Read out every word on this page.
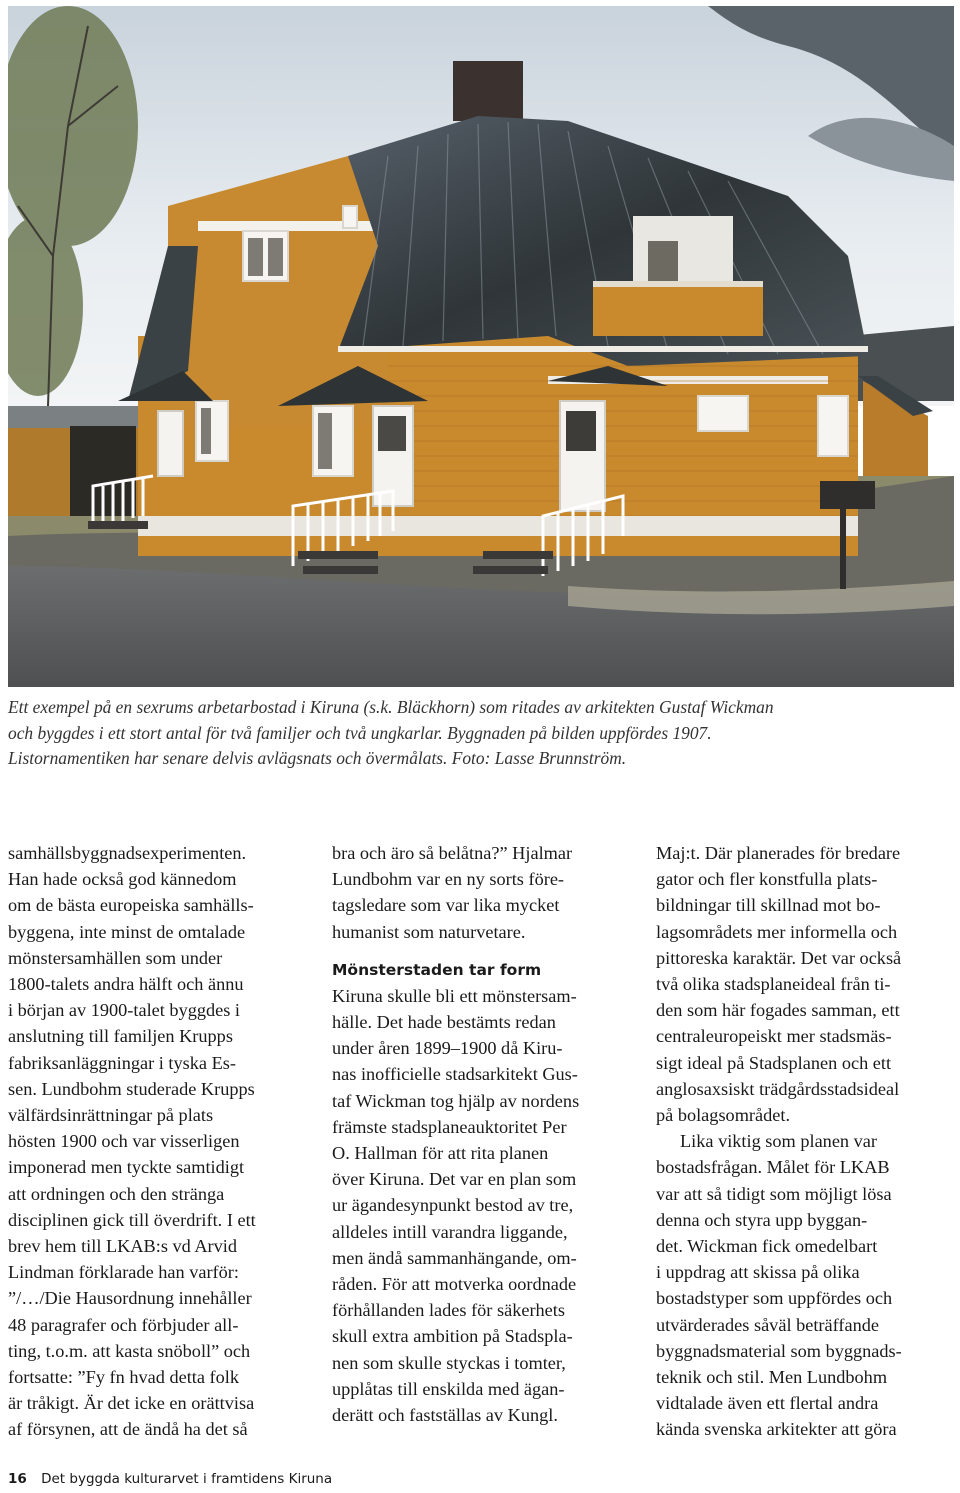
Ett exempel på en sexrums arbetarbostad i Kiruna (s.k. Bläckhorn) som ritades av arkitekten Gustaf Wickman

och byggdes i ett stort antal för två familjer och två ungkarlar. Byggnaden på bilden uppfördes 1907.

Listornamentiken har senare delvis avlägsnats och övermålats. Foto: Lasse Brunnström.

samhällsbyggnadsexperimenten.

Han hade också god kännedom

om de bästa europeiska samhälls-

byggena, inte minst de omtalade

mönstersamhällen som under

1800-talets andra hälft och ännu

i början av 1900-talet byggdes i

anslutning till familjen Krupps

fabriksanläggningar i tyska Es-

sen. Lundbohm studerade Krupps

välfärdsinrättningar på plats

hösten 1900 och var visserligen

imponerad men tyckte samtidigt

att ordningen och den stränga

disciplinen gick till överdrift. I ett

brev hem till LKAB:s vd Arvid

Lindman förklarade han varför:

”/…/Die Hausordnung innehåller

48 paragrafer och förbjuder all-

ting, t.o.m. att kasta snöboll” och

fortsatte: ”Fy fn hvad detta folk

är tråkigt. Är det icke en orättvisa

af försynen, att de ändå ha det så

bra och äro så belåtna?” Hjalmar

Lundbohm var en ny sorts före-

tagsledare som var lika mycket

humanist som naturvetare.

Mönsterstaden tar form

Kiruna skulle bli ett mönstersam-

hälle. Det hade bestämts redan

under åren 1899–1900 då Kiru-

nas inofficielle stadsarkitekt Gus-

taf Wickman tog hjälp av nordens

främste stadsplaneauktoritet Per

O. Hallman för att rita planen

över Kiruna. Det var en plan som

ur ägandesynpunkt bestod av tre,

alldeles intill varandra liggande,

men ändå sammanhängande, om-

råden. För att motverka oordnade

förhållanden lades för säkerhets

skull extra ambition på Stadspla-

nen som skulle styckas i tomter,

upplåtas till enskilda med ägan-

derätt och fastställas av Kungl.

Maj:t. Där planerades för bredare

gator och fler konstfulla plats-

bildningar till skillnad mot bo-

lagsområdets mer informella och

pittoreska karaktär. Det var också

två olika stadsplaneideal från ti-

den som här fogades samman, ett

centraleuropeiskt mer stadsmäs-

sigt ideal på Stadsplanen och ett

anglosaxsiskt trädgårdsstadsideal

på bolagsområdet.

Lika viktig som planen var

bostadsfrågan. Målet för LKAB

var att så tidigt som möjligt lösa

denna och styra upp byggan-

det. Wickman fick omedelbart

i uppdrag att skissa på olika

bostadstyper som uppfördes och

utvärderades såväl beträffande

byggnadsmaterial som byggnads-

teknik och stil. Men Lundbohm

vidtalade även ett flertal andra

kända svenska arkitekter att göra

16 Det byggda kulturarvet i framtidens Kiruna
